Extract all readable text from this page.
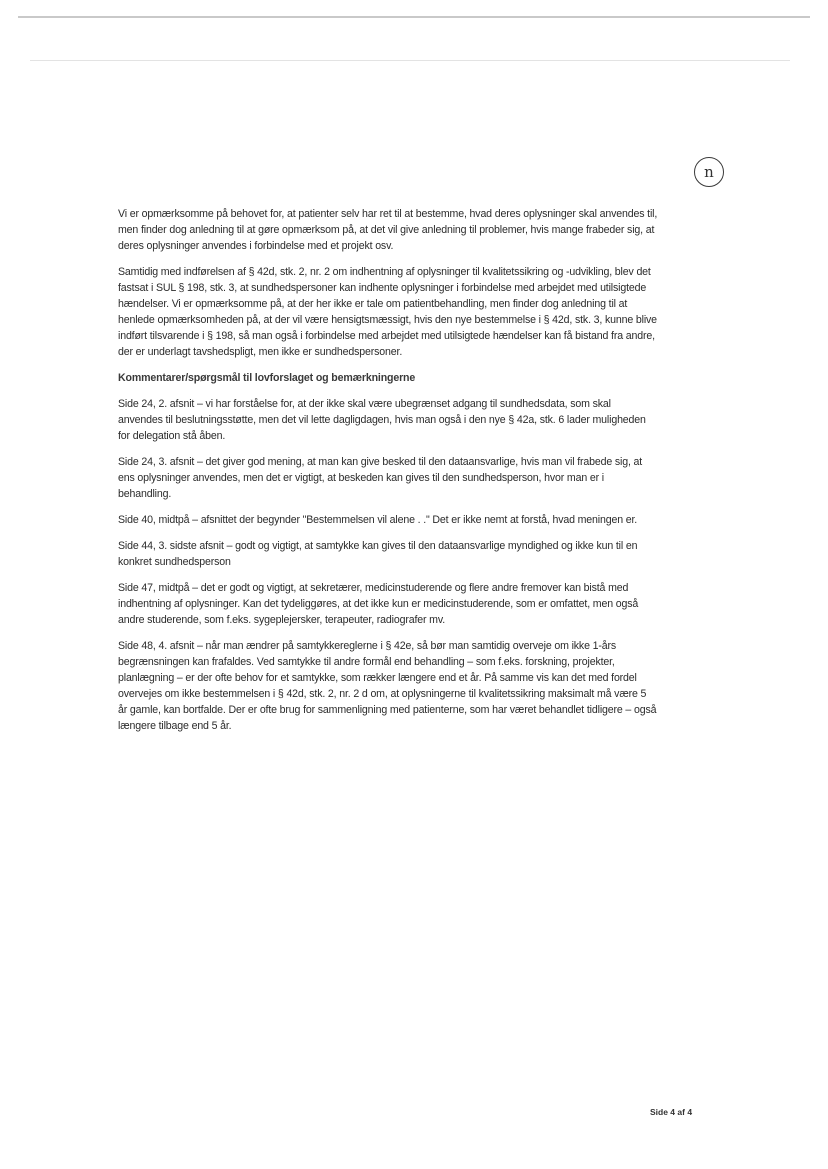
n

Vi er opmærksomme på behovet for, at patienter selv har ret til at bestemme, hvad deres oplysninger skal anvendes til, men finder dog anledning til at gøre opmærksom på, at det vil give anledning til problemer, hvis mange frabeder sig, at deres oplysninger anvendes i forbindelse med et projekt osv.

Samtidig med indførelsen af § 42d, stk. 2, nr. 2 om indhentning af oplysninger til kvalitetssikring og -udvikling, blev det fastsat i SUL § 198, stk. 3, at sundhedspersoner kan indhente oplysninger i forbindelse med arbejdet med utilsigtede hændelser. Vi er opmærksomme på, at der her ikke er tale om patientbehandling, men finder dog anledning til at henlede opmærksomheden på, at der vil være hensigtsmæssigt, hvis den nye bestemmelse i § 42d, stk. 3, kunne blive indført tilsvarende i § 198, så man også i forbindelse med arbejdet med utilsigtede hændelser kan få bistand fra andre, der er underlagt tavshedspligt, men ikke er sundhedspersoner.

Kommentarer/spørgsmål til lovforslaget og bemærkningerne

Side 24, 2. afsnit – vi har forståelse for, at der ikke skal være ubegrænset adgang til sundhedsdata, som skal anvendes til beslutningsstøtte, men det vil lette dagligdagen, hvis man også i den nye § 42a, stk. 6 lader muligheden for delegation stå åben.

Side 24, 3. afsnit – det giver god mening, at man kan give besked til den dataansvarlige, hvis man vil frabede sig, at ens oplysninger anvendes, men det er vigtigt, at beskeden kan gives til den sundhedsperson, hvor man er i behandling.

Side 40, midtpå – afsnittet der begynder "Bestemmelsen vil alene . ." Det er ikke nemt at forstå, hvad meningen er.

Side 44, 3. sidste afsnit – godt og vigtigt, at samtykke kan gives til den dataansvarlige myndighed og ikke kun til en konkret sundhedsperson

Side 47, midtpå – det er godt og vigtigt, at sekretærer, medicinstuderende og flere andre fremover kan bistå med indhentning af oplysninger. Kan det tydeliggøres, at det ikke kun er medicinstuderende, som er omfattet, men også andre studerende, som f.eks. sygeplejersker, terapeuter, radiografer mv.

Side 48, 4. afsnit – når man ændrer på samtykkereglerne i § 42e, så bør man samtidig overveje om ikke 1-års begrænsningen kan frafaldes. Ved samtykke til andre formål end behandling – som f.eks. forskning, projekter, planlægning – er der ofte behov for et samtykke, som rækker længere end et år. På samme vis kan det med fordel overvejes om ikke bestemmelsen i § 42d, stk. 2, nr. 2 d om, at oplysningerne til kvalitetssikring maksimalt må være 5 år gamle, kan bortfalde. Der er ofte brug for sammenligning med patienterne, som har været behandlet tidligere – også længere tilbage end 5 år.

Side 4 af 4
